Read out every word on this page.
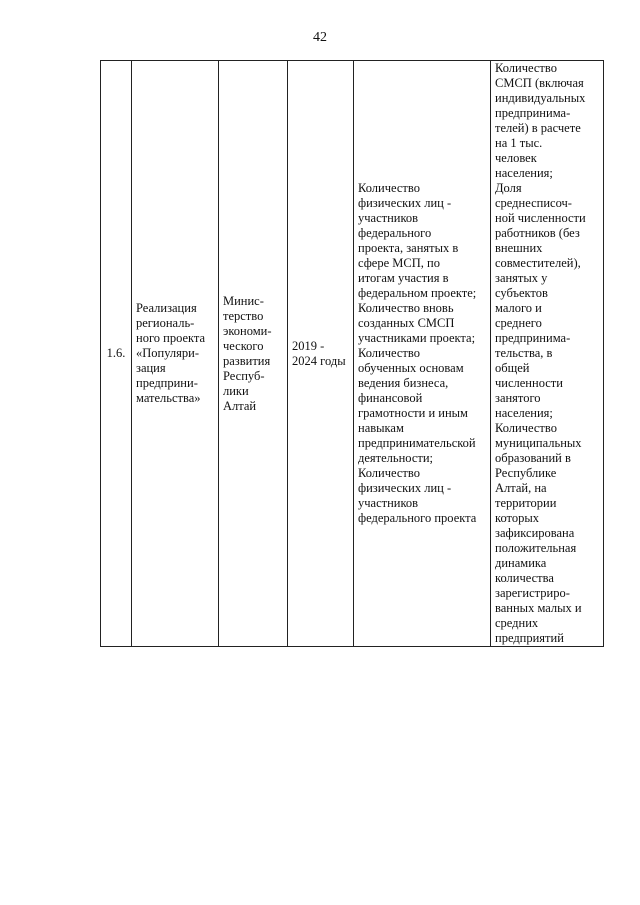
42
1.6.	
Реализация
региональ-
ного проекта
«Популяри-
зация
предприни-
мательства»

Минис-
терство
экономи-
ческого
развития
Респуб-
лики
Алтай

2019 -
2024 годы

Количество
физических лиц -
участников
федерального
проекта, занятых в
сфере МСП, по
итогам участия в
федеральном проекте;
Количество вновь
созданных СМСП
участниками проекта;
Количество
обученных основам
ведения бизнеса,
финансовой
грамотности и иным
навыкам
предпринимательской
деятельности;
Количество
физических лиц -
участников
федерального проекта

Количество
СМСП (включая
индивидуальных
предпринима-
телей) в расчете
на 1 тыс.
человек
населения;
Доля
среднесписоч-
ной численности
работников (без
внешних
совместителей),
занятых у
субъектов
малого и
среднего
предпринима-
тельства, в
общей
численности
занятого
населения;
Количество
муниципальных
образований в
Республике
Алтай, на
территории
которых
зафиксирована
положительная
динамика
количества
зарегистриро-
ванных малых и
средних
предприятий
